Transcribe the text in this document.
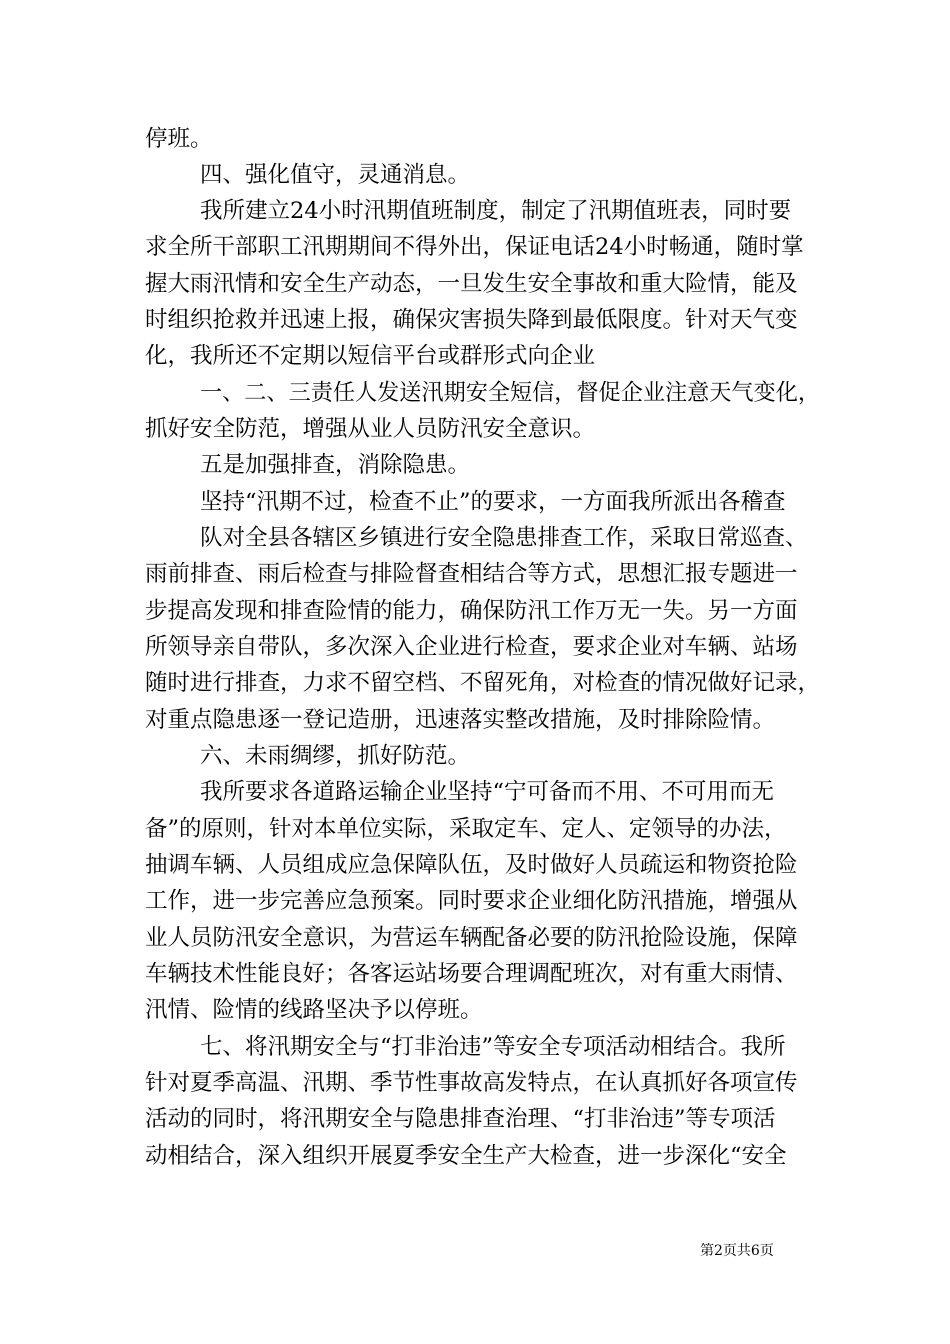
停班。
四、强化值守，灵通消息。
我所建立24小时汛期值班制度，制定了汛期值班表，同时要
求全所干部职工汛期期间不得外出，保证电话24小时畅通，随时掌
握大雨汛情和安全生产动态，一旦发生安全事故和重大险情，能及
时组织抢救并迅速上报，确保灾害损失降到最低限度。针对天气变
化，我所还不定期以短信平台或群形式向企业
一、二、三责任人发送汛期安全短信，督促企业注意天气变化，
抓好安全防范，增强从业人员防汛安全意识。
五是加强排查，消除隐患。
坚持“汛期不过，检查不止”的要求，一方面我所派出各稽查
队对全县各辖区乡镇进行安全隐患排查工作，采取日常巡查、
雨前排查、雨后检查与排险督查相结合等方式，思想汇报专题进一
步提高发现和排查险情的能力，确保防汛工作万无一失。另一方面
所领导亲自带队，多次深入企业进行检查，要求企业对车辆、站场
随时进行排查，力求不留空档、不留死角，对检查的情况做好记录，
对重点隐患逐一登记造册，迅速落实整改措施，及时排除险情。
六、未雨绸缪，抓好防范。
我所要求各道路运输企业坚持“宁可备而不用、不可用而无
备”的原则，针对本单位实际，采取定车、定人、定领导的办法，
抽调车辆、人员组成应急保障队伍，及时做好人员疏运和物资抢险
工作，进一步完善应急预案。同时要求企业细化防汛措施，增强从
业人员防汛安全意识，为营运车辆配备必要的防汛抢险设施，保障
车辆技术性能良好；各客运站场要合理调配班次，对有重大雨情、
汛情、险情的线路坚决予以停班。
七、将汛期安全与“打非治违”等安全专项活动相结合。我所
针对夏季高温、汛期、季节性事故高发特点，在认真抓好各项宣传
活动的同时，将汛期安全与隐患排查治理、“打非治违”等专项活
动相结合，深入组织开展夏季安全生产大检查，进一步深化“安全
第2页共6页
